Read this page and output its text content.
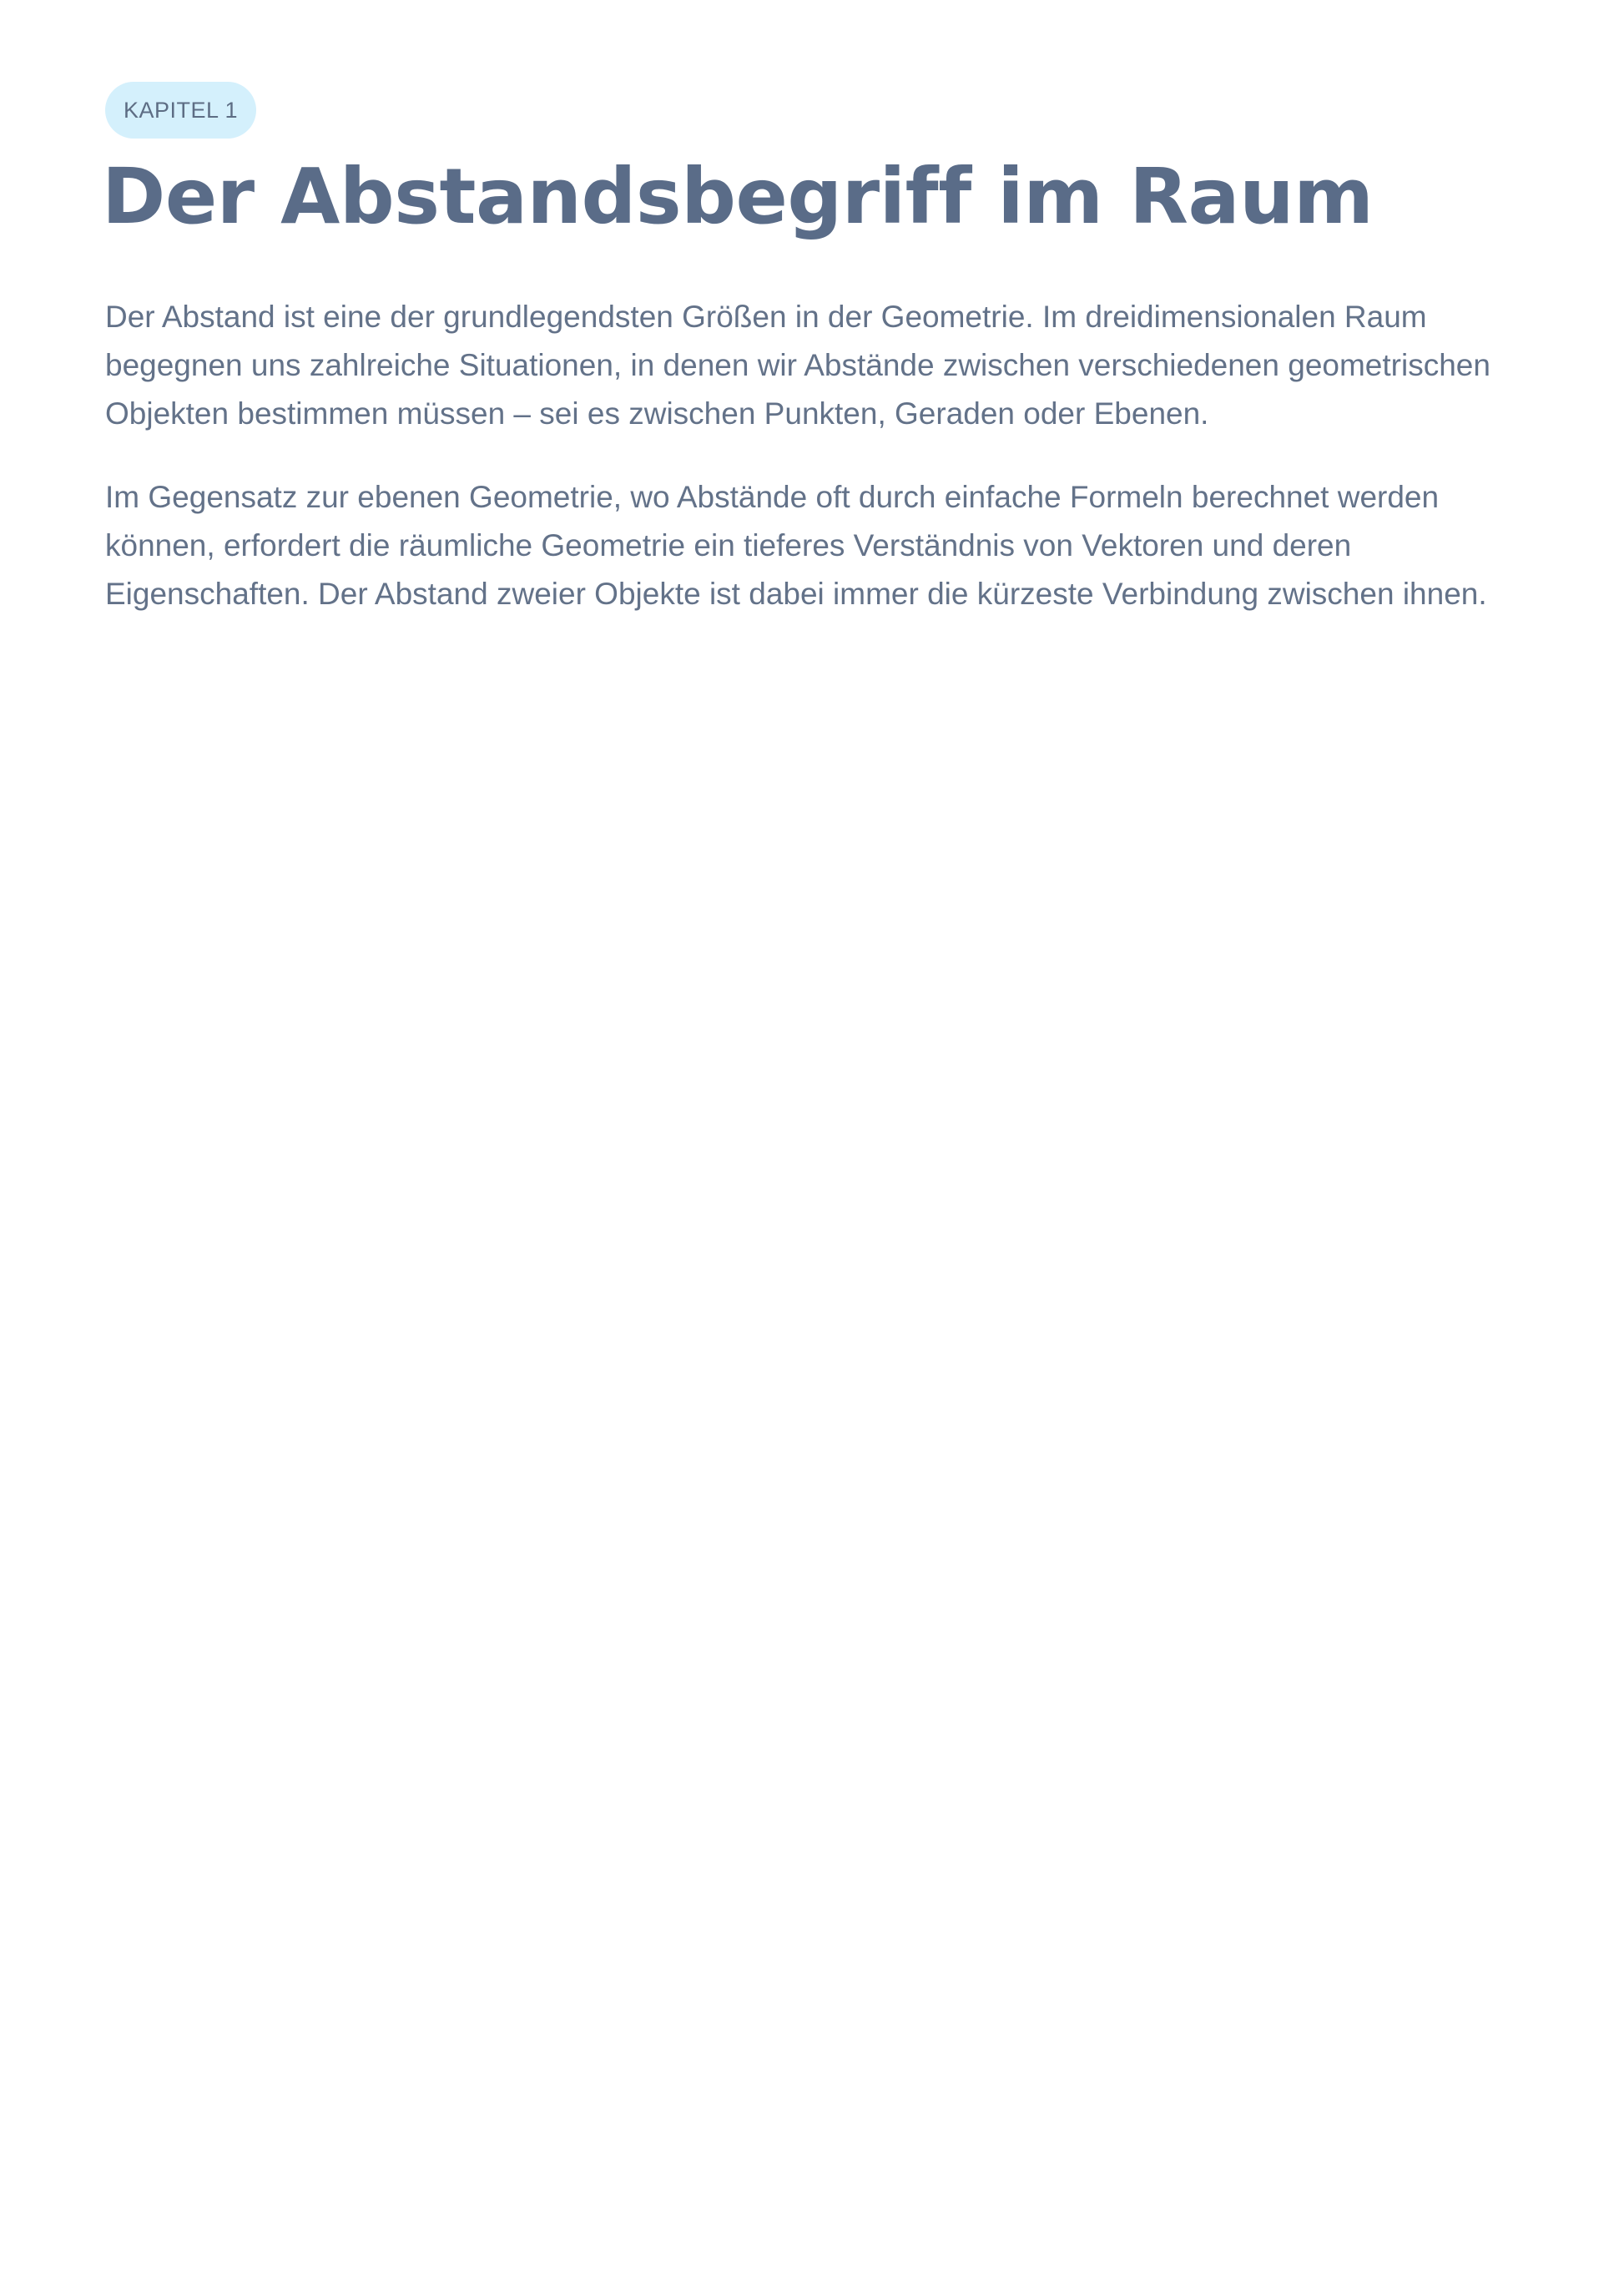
KAPITEL 1
Der Abstandsbegriff im Raum

Der Abstand ist eine der grundlegendsten Größen in der Geometrie. Im dreidimensionalen Raum begegnen uns zahlreiche Situationen, in denen wir Abstände zwischen verschiedenen geometrischen Objekten bestimmen müssen – sei es zwischen Punkten, Geraden oder Ebenen.

Im Gegensatz zur ebenen Geometrie, wo Abstände oft durch einfache Formeln berechnet werden können, erfordert die räumliche Geometrie ein tieferes Verständnis von Vektoren und deren Eigenschaften. Der Abstand zweier Objekte ist dabei immer die kürzeste Verbindung zwischen ihnen.
